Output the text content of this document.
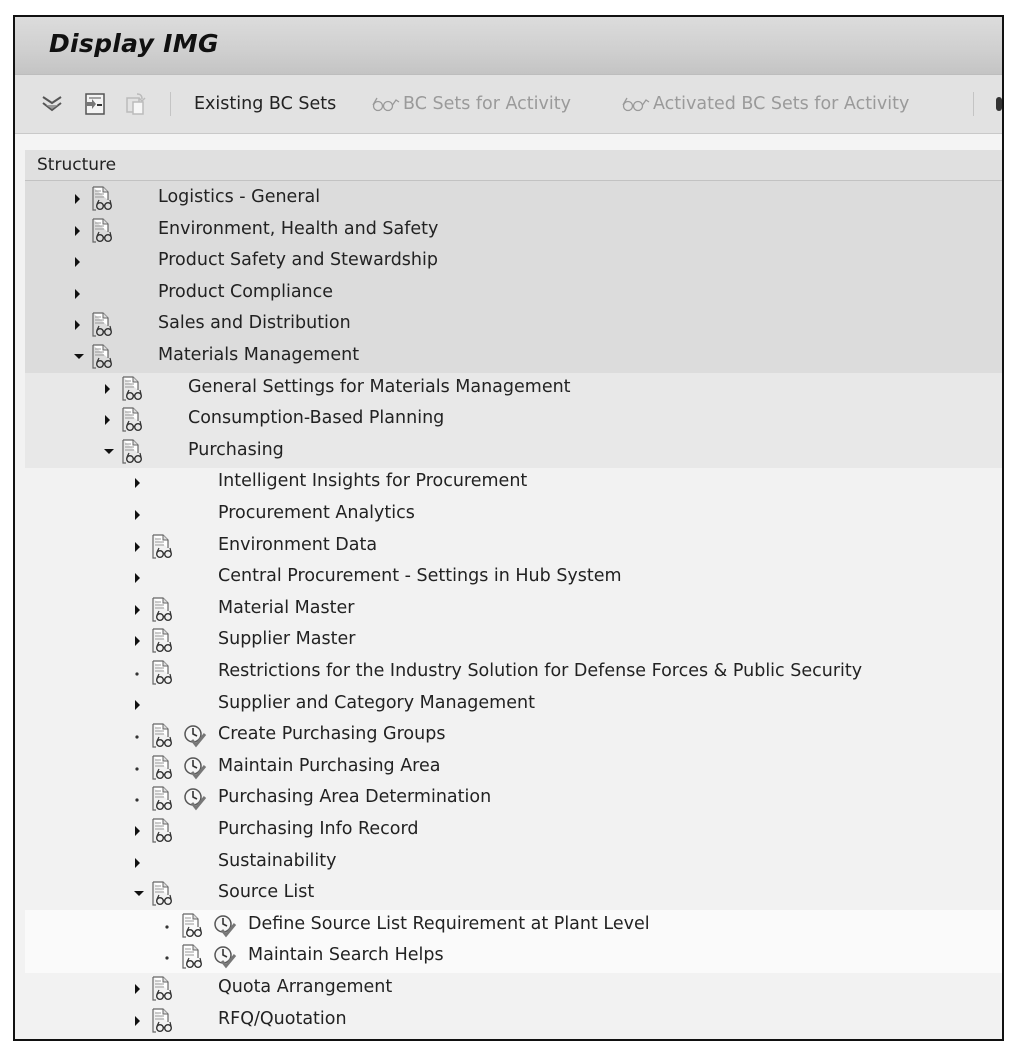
Display IMG
Existing BC Sets	BC Sets for Activity	Activated BC Sets for Activity
Structure
Logistics - General
Environment, Health and Safety
Product Safety and Stewardship
Product Compliance
Sales and Distribution
Materials Management
General Settings for Materials Management
Consumption-Based Planning
Purchasing
Intelligent Insights for Procurement
Procurement Analytics
Environment Data
Central Procurement - Settings in Hub System
Material Master
Supplier Master
Restrictions for the Industry Solution for Defense Forces & Public Security
Supplier and Category Management
Create Purchasing Groups
Maintain Purchasing Area
Purchasing Area Determination
Purchasing Info Record
Sustainability
Source List
Define Source List Requirement at Plant Level
Maintain Search Helps
Quota Arrangement
RFQ/Quotation
